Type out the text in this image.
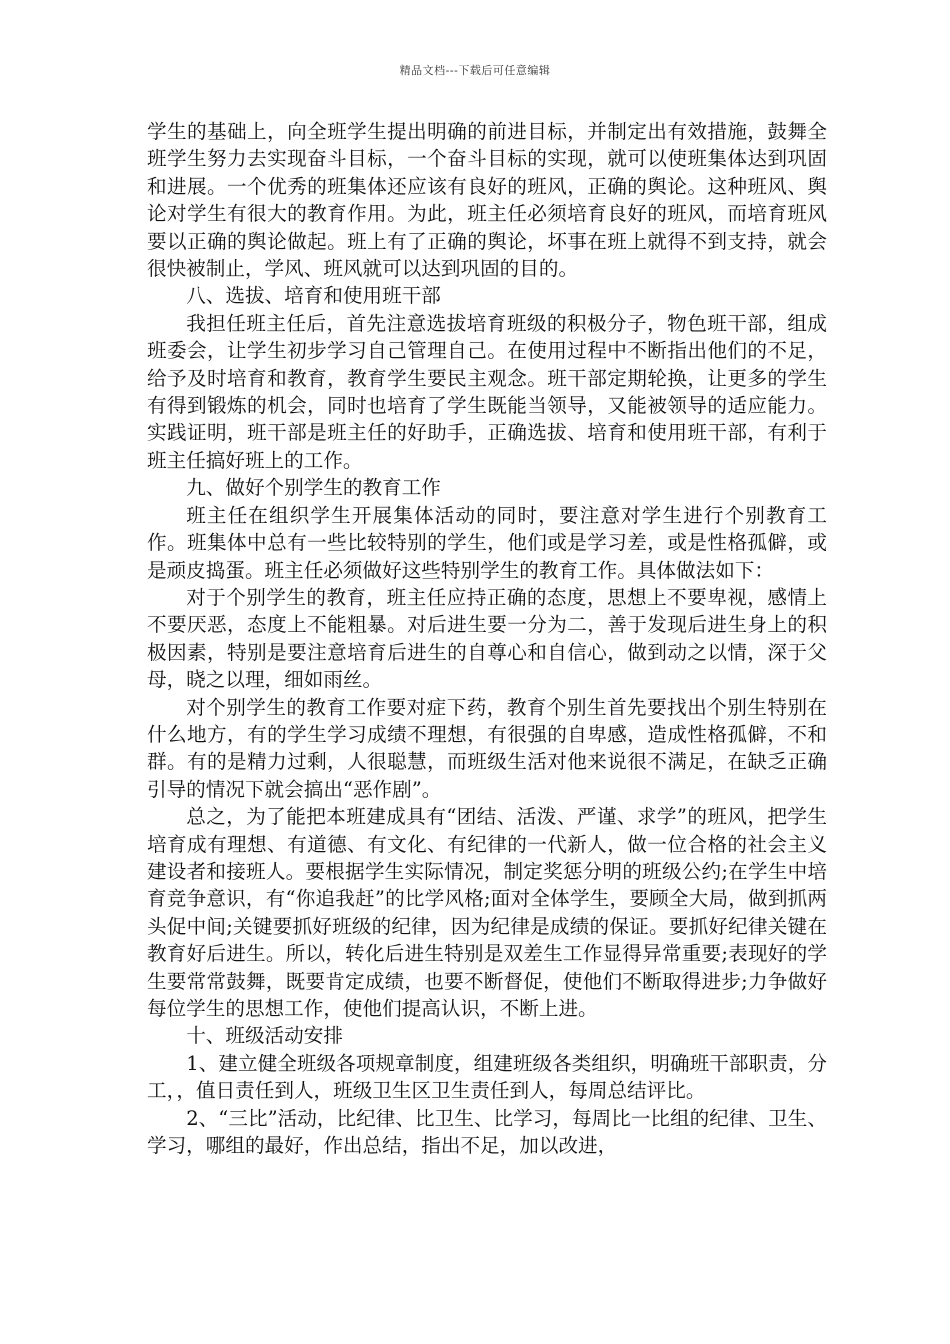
精品文档---下载后可任意编辑

学生的基础上，向全班学生提出明确的前进目标，并制定出有效措施，鼓舞全班学生努力去实现奋斗目标，一个奋斗目标的实现，就可以使班集体达到巩固和进展。一个优秀的班集体还应该有良好的班风，正确的舆论。这种班风、舆论对学生有很大的教育作用。为此，班主任必须培育良好的班风，而培育班风要以正确的舆论做起。班上有了正确的舆论，坏事在班上就得不到支持，就会很快被制止，学风、班风就可以达到巩固的目的。

八、选拔、培育和使用班干部

我担任班主任后，首先注意选拔培育班级的积极分子，物色班干部，组成班委会，让学生初步学习自己管理自己。在使用过程中不断指出他们的不足，给予及时培育和教育，教育学生要民主观念。班干部定期轮换，让更多的学生有得到锻炼的机会，同时也培育了学生既能当领导，又能被领导的适应能力。实践证明，班干部是班主任的好助手，正确选拔、培育和使用班干部，有利于班主任搞好班上的工作。

九、做好个别学生的教育工作

班主任在组织学生开展集体活动的同时，要注意对学生进行个别教育工作。班集体中总有一些比较特别的学生，他们或是学习差，或是性格孤僻，或是顽皮捣蛋。班主任必须做好这些特别学生的教育工作。具体做法如下：

对于个别学生的教育，班主任应持正确的态度，思想上不要卑视，感情上不要厌恶，态度上不能粗暴。对后进生要一分为二，善于发现后进生身上的积极因素，特别是要注意培育后进生的自尊心和自信心，做到动之以情，深于父母，晓之以理，细如雨丝。

对个别学生的教育工作要对症下药，教育个别生首先要找出个别生特别在什么地方，有的学生学习成绩不理想，有很强的自卑感，造成性格孤僻，不和群。有的是精力过剩，人很聪慧，而班级生活对他来说很不满足，在缺乏正确引导的情况下就会搞出“恶作剧”。

总之，为了能把本班建成具有“团结、活泼、严谨、求学”的班风，把学生培育成有理想、有道德、有文化、有纪律的一代新人，做一位合格的社会主义建设者和接班人。要根据学生实际情况，制定奖惩分明的班级公约;在学生中培育竞争意识，有“你追我赶”的比学风格;面对全体学生，要顾全大局，做到抓两头促中间;关键要抓好班级的纪律，因为纪律是成绩的保证。要抓好纪律关键在教育好后进生。所以，转化后进生特别是双差生工作显得异常重要;表现好的学生要常常鼓舞，既要肯定成绩，也要不断督促，使他们不断取得进步;力争做好每位学生的思想工作，使他们提高认识，不断上进。

十、班级活动安排

1、建立健全班级各项规章制度，组建班级各类组织，明确班干部职责，分工，，值日责任到人，班级卫生区卫生责任到人，每周总结评比。

2、“三比”活动，比纪律、比卫生、比学习，每周比一比组的纪律、卫生、学习，哪组的最好，作出总结，指出不足，加以改进，
